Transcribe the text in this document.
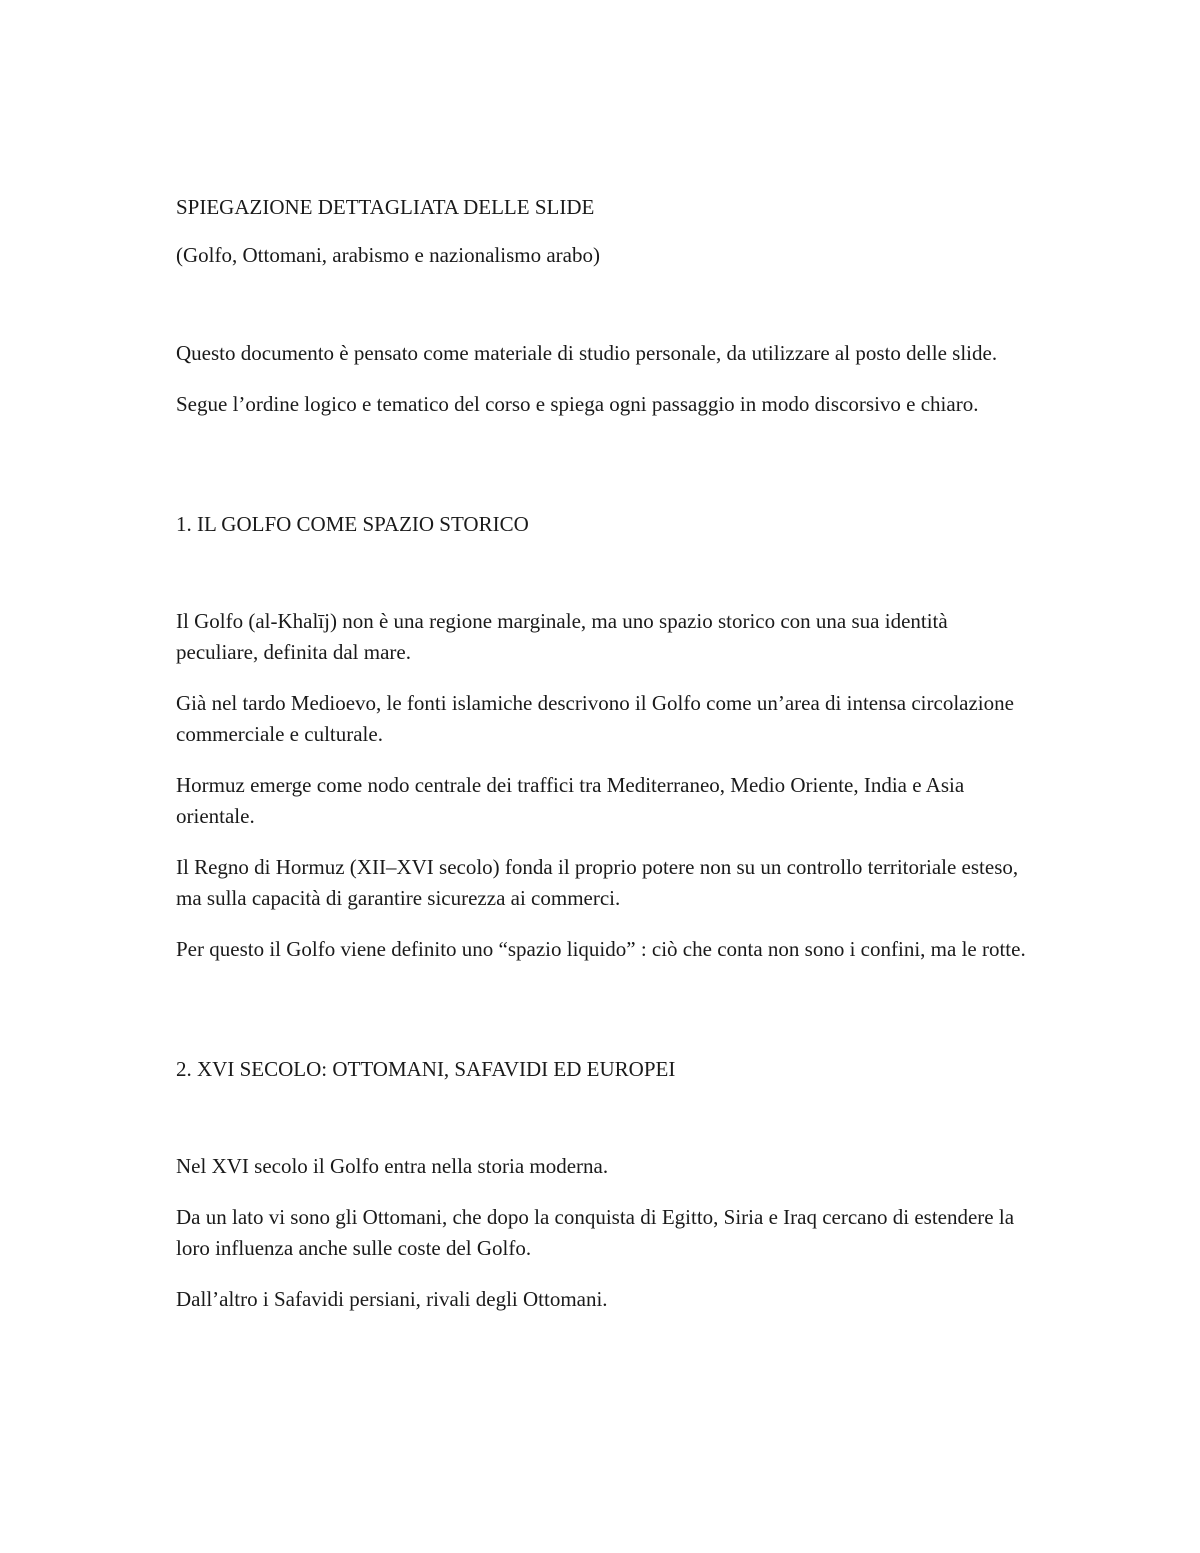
SPIEGAZIONE DETTAGLIATA DELLE SLIDE

(Golfo, Ottomani, arabismo e nazionalismo arabo)

Questo documento è pensato come materiale di studio personale, da utilizzare al posto delle slide.

Segue l’ordine logico e tematico del corso e spiega ogni passaggio in modo discorsivo e chiaro.

1. IL GOLFO COME SPAZIO STORICO

Il Golfo (al-Khalīj) non è una regione marginale, ma uno spazio storico con una sua identità peculiare, definita dal mare.

Già nel tardo Medioevo, le fonti islamiche descrivono il Golfo come un’area di intensa circolazione commerciale e culturale.

Hormuz emerge come nodo centrale dei traffici tra Mediterraneo, Medio Oriente, India e Asia orientale.

Il Regno di Hormuz (XII–XVI secolo) fonda il proprio potere non su un controllo territoriale esteso, ma sulla capacità di garantire sicurezza ai commerci.

Per questo il Golfo viene definito uno “spazio liquido” : ciò che conta non sono i confini, ma le rotte.

2. XVI SECOLO: OTTOMANI, SAFAVIDI ED EUROPEI

Nel XVI secolo il Golfo entra nella storia moderna.

Da un lato vi sono gli Ottomani, che dopo la conquista di Egitto, Siria e Iraq cercano di estendere la loro influenza anche sulle coste del Golfo.

Dall’altro i Safavidi persiani, rivali degli Ottomani.
